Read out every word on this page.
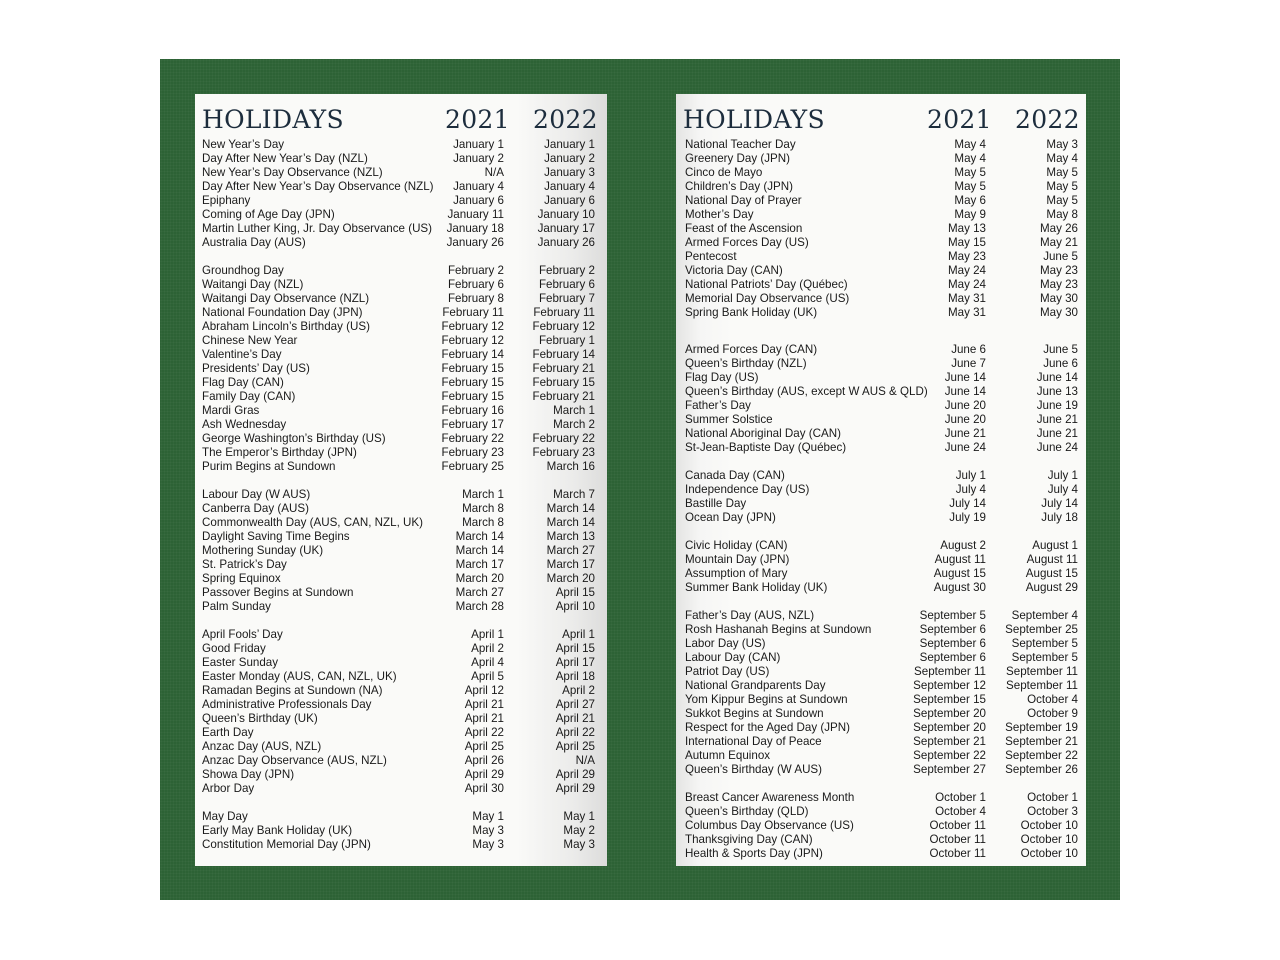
HOLIDAYS	2021 2022
New Year’s Day	January 1	January 1
Day After New Year’s Day (NZL)	January 2	January 2
New Year’s Day Observance (NZL)	N/A	January 3
Day After New Year’s Day Observance (NZL) January 4	January 4
Epiphany	January 6	January 6
Coming of Age Day (JPN)	January 11	January 10
Martin Luther King, Jr. Day Observance (US) January 18	January 17
Australia Day (AUS)	January 26	January 26
Groundhog Day	February 2	February 2
Waitangi Day (NZL)	February 6	February 6
Waitangi Day Observance (NZL)	February 8	February 7
National Foundation Day (JPN)	February 11	February 11
Abraham Lincoln’s Birthday (US)	February 12 February 12
Chinese New Year	February 12	February 1
Valentine’s Day	February 14 February 14
Presidents’ Day (US)	February 15 February 21
Flag Day (CAN)	February 15 February 15
Family Day (CAN)	February 15 February 21
Mardi Gras	February 16	March 1
Ash Wednesday	February 17	March 2
George Washington’s Birthday (US)	February 22 February 22
The Emperor’s Birthday (JPN)	February 23 February 23
Purim Begins at Sundown	February 25	March 16
Labour Day (W AUS)	March 1	March 7
Canberra Day (AUS)	March 8	March 14
Commonwealth Day (AUS, CAN, NZL, UK)	March 8	March 14
Daylight Saving Time Begins	March 14	March 13
Mothering Sunday (UK)	March 14	March 27
St. Patrick’s Day	March 17	March 17
Spring Equinox	March 20	March 20
Passover Begins at Sundown	March 27	April 15
Palm Sunday	March 28	April 10
April Fools’ Day	April 1	April 1
Good Friday	April 2	April 15
Easter Sunday	April 4	April 17
Easter Monday (AUS, CAN, NZL, UK)	April 5	April 18
Ramadan Begins at Sundown (NA)	April 12	April 2
Administrative Professionals Day	April 21	April 27
Queen’s Birthday (UK)	April 21	April 21
Earth Day	April 22	April 22
Anzac Day (AUS, NZL)	April 25	April 25
Anzac Day Observance (AUS, NZL)	April 26	N/A
Showa Day (JPN)	April 29	April 29
Arbor Day	April 30	April 29
May Day	May 1	May 1
Early May Bank Holiday (UK)	May 3	May 2
Constitution Memorial Day (JPN)	May 3	May 3
HOLIDAYS	2021 2022
National Teacher Day	May 4	May 3
Greenery Day (JPN)	May 4	May 4
Cinco de Mayo	May 5	May 5
Children’s Day (JPN)	May 5	May 5
National Day of Prayer	May 6	May 5
Mother’s Day	May 9	May 8
Feast of the Ascension	May 13	May 26
Armed Forces Day (US)	May 15	May 21
Pentecost	May 23	June 5
Victoria Day (CAN)	May 24	May 23
National Patriots’ Day (Québec)	May 24	May 23
Memorial Day Observance (US)	May 31	May 30
Spring Bank Holiday (UK)	May 31	May 30
Armed Forces Day (CAN)	June 6	June 5
Queen’s Birthday (NZL)	June 7	June 6
Flag Day (US)	June 14	June 14
Queen’s Birthday (AUS, except W AUS & QLD) June 14	June 13
Father’s Day	June 20	June 19
Summer Solstice	June 20	June 21
National Aboriginal Day (CAN)	June 21	June 21
St-Jean-Baptiste Day (Québec)	June 24	June 24
Canada Day (CAN)	July 1	July 1
Independence Day (US)	July 4	July 4
Bastille Day	July 14	July 14
Ocean Day (JPN)	July 19	July 18
Civic Holiday (CAN)	August 2	August 1
Mountain Day (JPN)	August 11	August 11
Assumption of Mary	August 15	August 15
Summer Bank Holiday (UK)	August 30	August 29
Father’s Day (AUS, NZL)	September 5 September 4
Rosh Hashanah Begins at Sundown	September 6 September 25
Labor Day (US)	September 6 September 5
Labour Day (CAN)	September 6 September 5
Patriot Day (US)	September 11 September 11
National Grandparents Day	September 12 September 11
Yom Kippur Begins at Sundown	September 15	October 4
Sukkot Begins at Sundown	September 20	October 9
Respect for the Aged Day (JPN)	September 20 September 19
International Day of Peace	September 21 September 21
Autumn Equinox	September 22 September 22
Queen’s Birthday (W AUS)	September 27 September 26
Breast Cancer Awareness Month	October 1	October 1
Queen’s Birthday (QLD)	October 4	October 3
Columbus Day Observance (US)	October 11	October 10
Thanksgiving Day (CAN)	October 11	October 10
Health & Sports Day (JPN)	October 11	October 10
